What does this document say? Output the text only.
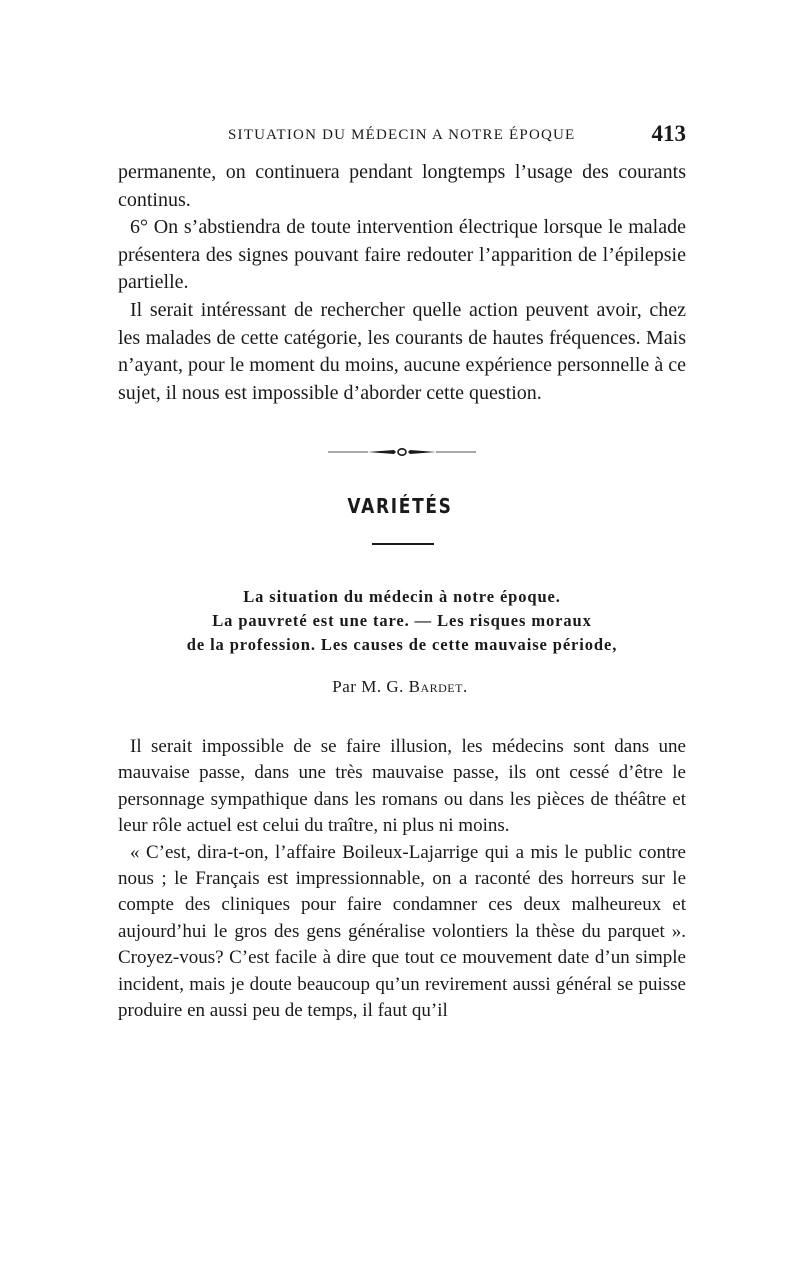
SITUATION DU MÉDECIN A NOTRE ÉPOQUE	413

permanente, on continuera pendant longtemps l’usage des courants continus.

6° On s’abstiendra de toute intervention électrique lorsque le malade présentera des signes pouvant faire redouter l’apparition de l’épilepsie partielle.

Il serait intéressant de rechercher quelle action peuvent avoir, chez les malades de cette catégorie, les courants de hautes fréquences. Mais n’ayant, pour le moment du moins, aucune expérience personnelle à ce sujet, il nous est impossible d’aborder cette question.

VARIÉTÉS
La situation du médecin à notre époque.
La pauvreté est une tare. — Les risques moraux
de la profession. Les causes de cette mauvaise période,
Par M. G. Bardet.

Il serait impossible de se faire illusion, les médecins sont dans une mauvaise passe, dans une très mauvaise passe, ils ont cessé d’être le personnage sympathique dans les romans ou dans les pièces de théâtre et leur rôle actuel est celui du traître, ni plus ni moins.

« C’est, dira-t-on, l’affaire Boileux-Lajarrige qui a mis le public contre nous ; le Français est impressionnable, on a raconté des horreurs sur le compte des cliniques pour faire condamner ces deux malheureux et aujourd’hui le gros des gens généralise volontiers la thèse du parquet ». Croyez-vous? C’est facile à dire que tout ce mouvement date d’un simple incident, mais je doute beaucoup qu’un revirement aussi général se puisse produire en aussi peu de temps, il faut qu’il
